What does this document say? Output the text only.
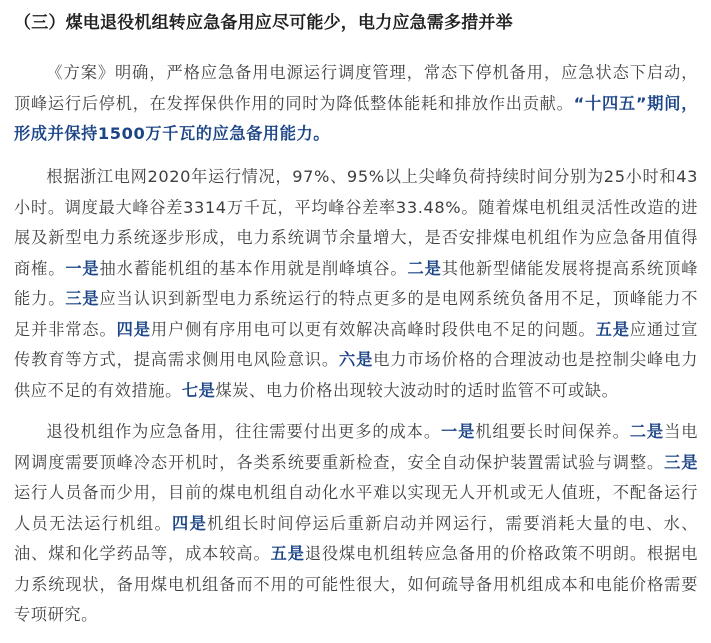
（三）煤电退役机组转应急备用应尽可能少，电力应急需多措并举

《方案》明确，严格应急备用电源运行调度管理，常态下停机备用，应急状态下启动，顶峰运行后停机，在发挥保供作用的同时为降低整体能耗和排放作出贡献。“十四五”期间，形成并保持1500万千瓦的应急备用能力。

根据浙江电网2020年运行情况，97%、95%以上尖峰负荷持续时间分别为25小时和43小时。调度最大峰谷差3314万千瓦，平均峰谷差率33.48%。随着煤电机组灵活性改造的进展及新型电力系统逐步形成，电力系统调节余量增大，是否安排煤电机组作为应急备用值得商榷。一是抽水蓄能机组的基本作用就是削峰填谷。二是其他新型储能发展将提高系统顶峰能力。三是应当认识到新型电力系统运行的特点更多的是电网系统负备用不足，顶峰能力不足并非常态。四是用户侧有序用电可以更有效解决高峰时段供电不足的问题。五是应通过宣传教育等方式，提高需求侧用电风险意识。六是电力市场价格的合理波动也是控制尖峰电力供应不足的有效措施。七是煤炭、电力价格出现较大波动时的适时监管不可或缺。

退役机组作为应急备用，往往需要付出更多的成本。一是机组要长时间保养。二是当电网调度需要顶峰冷态开机时，各类系统要重新检查，安全自动保护装置需试验与调整。三是运行人员备而少用，目前的煤电机组自动化水平难以实现无人开机或无人值班，不配备运行人员无法运行机组。四是机组长时间停运后重新启动并网运行，需要消耗大量的电、水、油、煤和化学药品等，成本较高。五是退役煤电机组转应急备用的价格政策不明朗。根据电力系统现状，备用煤电机组备而不用的可能性很大，如何疏导备用机组成本和电能价格需要专项研究。
